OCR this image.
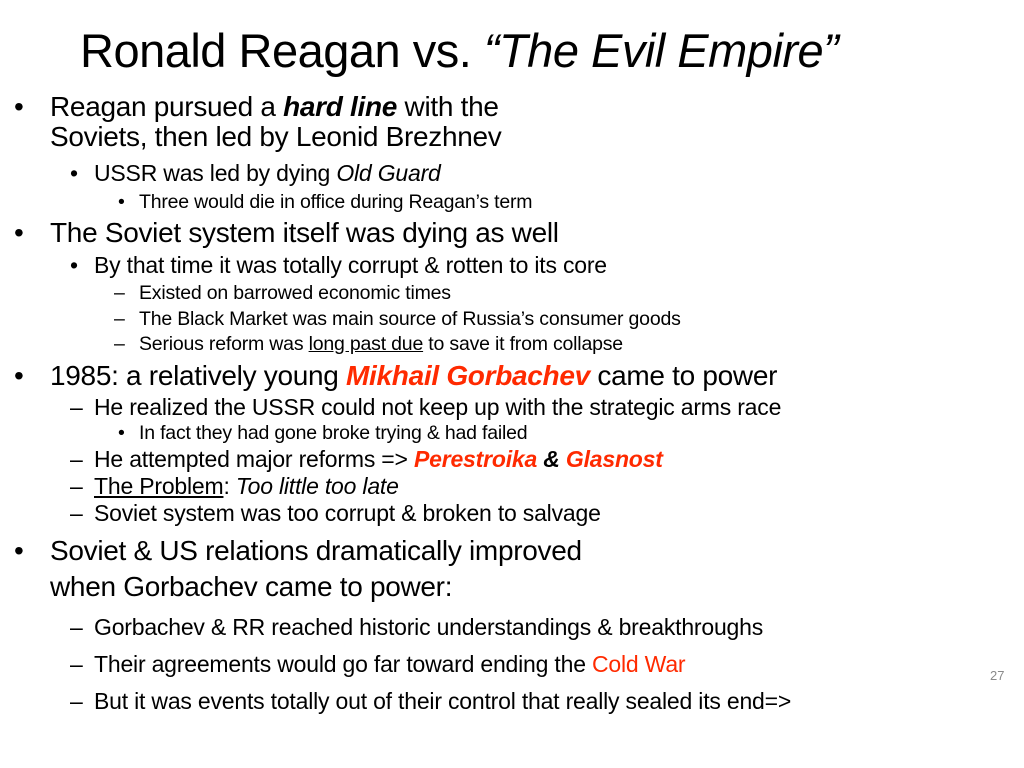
Ronald Reagan vs. “The Evil Empire”
• Reagan pursued a hard line with the
Soviets, then led by Leonid Brezhnev
• USSR was led by dying Old Guard
• Three would die in office during Reagan’s term
• The Soviet system itself was dying as well
• By that time it was totally corrupt & rotten to its core
– Existed on barrowed economic times
– The Black Market was main source of Russia’s consumer goods
– Serious reform was long past due to save it from collapse
• 1985: a relatively young Mikhail Gorbachev came to power
– He realized the USSR could not keep up with the strategic arms race
• In fact they had gone broke trying & had failed
– He attempted major reforms => Perestroika & Glasnost
– The Problem: Too little too late
– Soviet system was too corrupt & broken to salvage
• Soviet & US relations dramatically improved
when Gorbachev came to power:
– Gorbachev & RR reached historic understandings & breakthroughs
– Their agreements would go far toward ending the Cold War
– But it was events totally out of their control that really sealed its end=>
27
